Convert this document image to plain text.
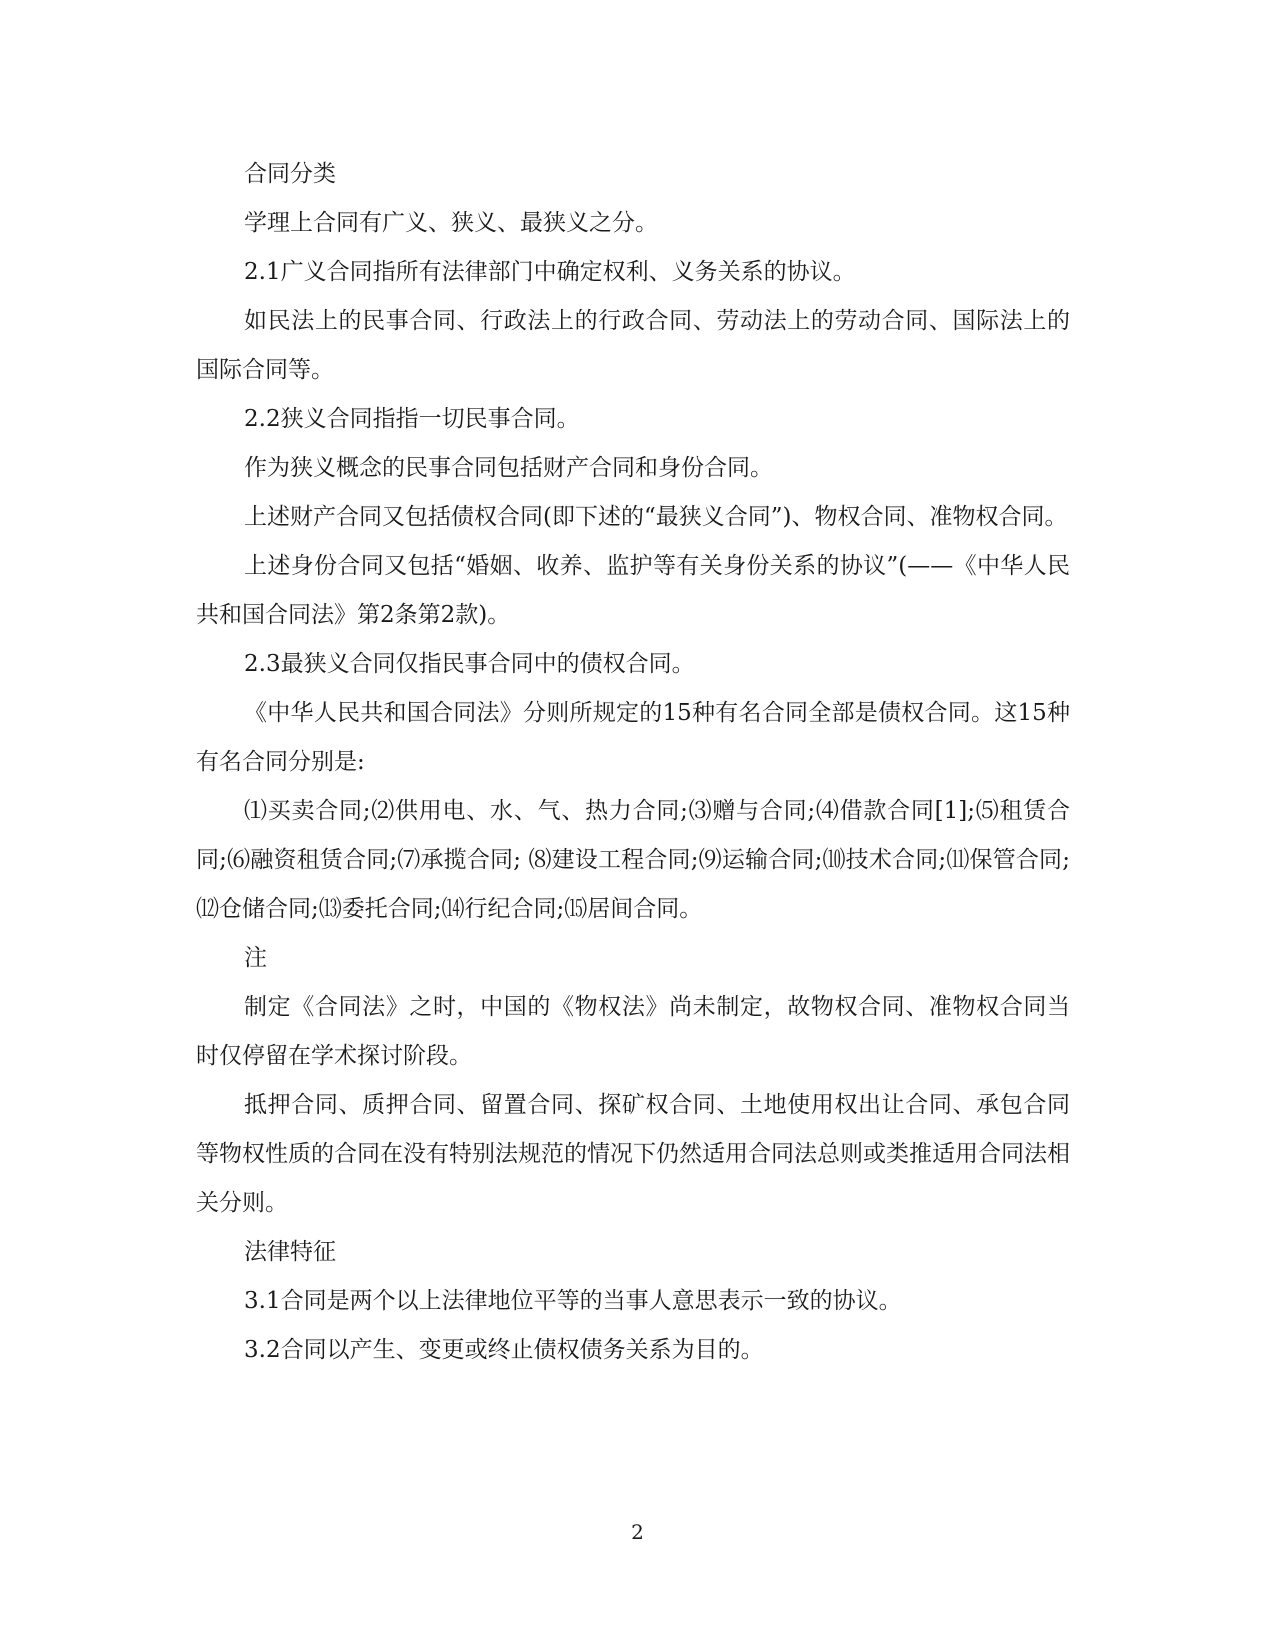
合同分类

学理上合同有广义、狭义、最狭义之分。

2.1广义合同指所有法律部门中确定权利、义务关系的协议。

如民法上的民事合同、行政法上的行政合同、劳动法上的劳动合同、国际法上的国际合同等。

2.2狭义合同指指一切民事合同。

作为狭义概念的民事合同包括财产合同和身份合同。

上述财产合同又包括债权合同(即下述的“最狭义合同”)、物权合同、准物权合同。

上述身份合同又包括“婚姻、收养、监护等有关身份关系的协议”(——《中华人民共和国合同法》第2条第2款)。

2.3最狭义合同仅指民事合同中的债权合同。

《中华人民共和国合同法》分则所规定的15种有名合同全部是债权合同。这15种有名合同分别是:

⑴买卖合同;⑵供用电、水、气、热力合同;⑶赠与合同;⑷借款合同[1];⑸租赁合同;⑹融资租赁合同;⑺承揽合同; ⑻建设工程合同;⑼运输合同;⑽技术合同;⑾保管合同;⑿仓储合同;⒀委托合同;⒁行纪合同;⒂居间合同。

注

制定《合同法》之时，中国的《物权法》尚未制定，故物权合同、准物权合同当时仅停留在学术探讨阶段。

抵押合同、质押合同、留置合同、探矿权合同、土地使用权出让合同、承包合同等物权性质的合同在没有特别法规范的情况下仍然适用合同法总则或类推适用合同法相关分则。

法律特征

3.1合同是两个以上法律地位平等的当事人意思表示一致的协议。

3.2合同以产生、变更或终止债权债务关系为目的。

2
